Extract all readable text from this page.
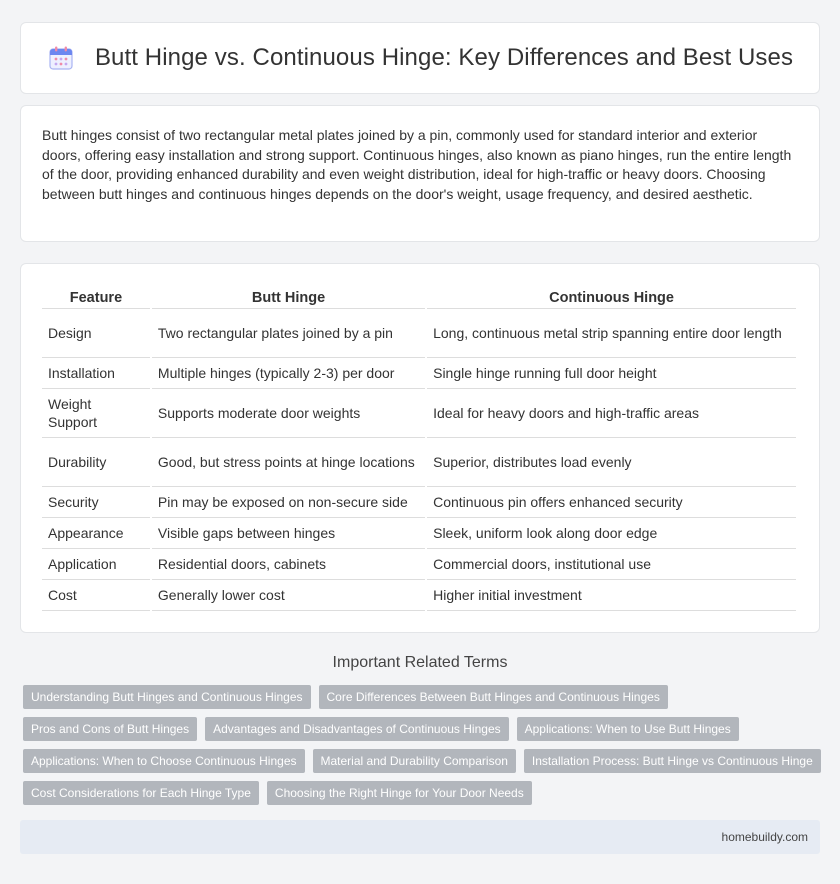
Butt Hinge vs. Continuous Hinge: Key Differences and Best Uses

Butt hinges consist of two rectangular metal plates joined by a pin, commonly used for standard interior and exterior doors, offering easy installation and strong support. Continuous hinges, also known as piano hinges, run the entire length of the door, providing enhanced durability and even weight distribution, ideal for high-traffic or heavy doors. Choosing between butt hinges and continuous hinges depends on the door's weight, usage frequency, and desired aesthetic.

Feature	Butt Hinge	Continuous Hinge
Design	Two rectangular plates joined by a pin	Long, continuous metal strip spanning entire door length
Installation	Multiple hinges (typically 2-3) per door	Single hinge running full door height
Weight Support	Supports moderate door weights	Ideal for heavy doors and high-traffic areas
Durability	Good, but stress points at hinge locations	Superior, distributes load evenly
Security	Pin may be exposed on non-secure side	Continuous pin offers enhanced security
Appearance	Visible gaps between hinges	Sleek, uniform look along door edge
Application	Residential doors, cabinets	Commercial doors, institutional use
Cost	Generally lower cost	Higher initial investment
Important Related Terms
Understanding Butt Hinges and Continuous Hinges	Core Differences Between Butt Hinges and Continuous Hinges
Pros and Cons of Butt Hinges	Advantages and Disadvantages of Continuous Hinges	Applications: When to Use Butt Hinges
Applications: When to Choose Continuous Hinges	Material and Durability Comparison	Installation Process: Butt Hinge vs Continuous Hinge
Cost Considerations for Each Hinge Type	Choosing the Right Hinge for Your Door Needs
homebuildy.com
